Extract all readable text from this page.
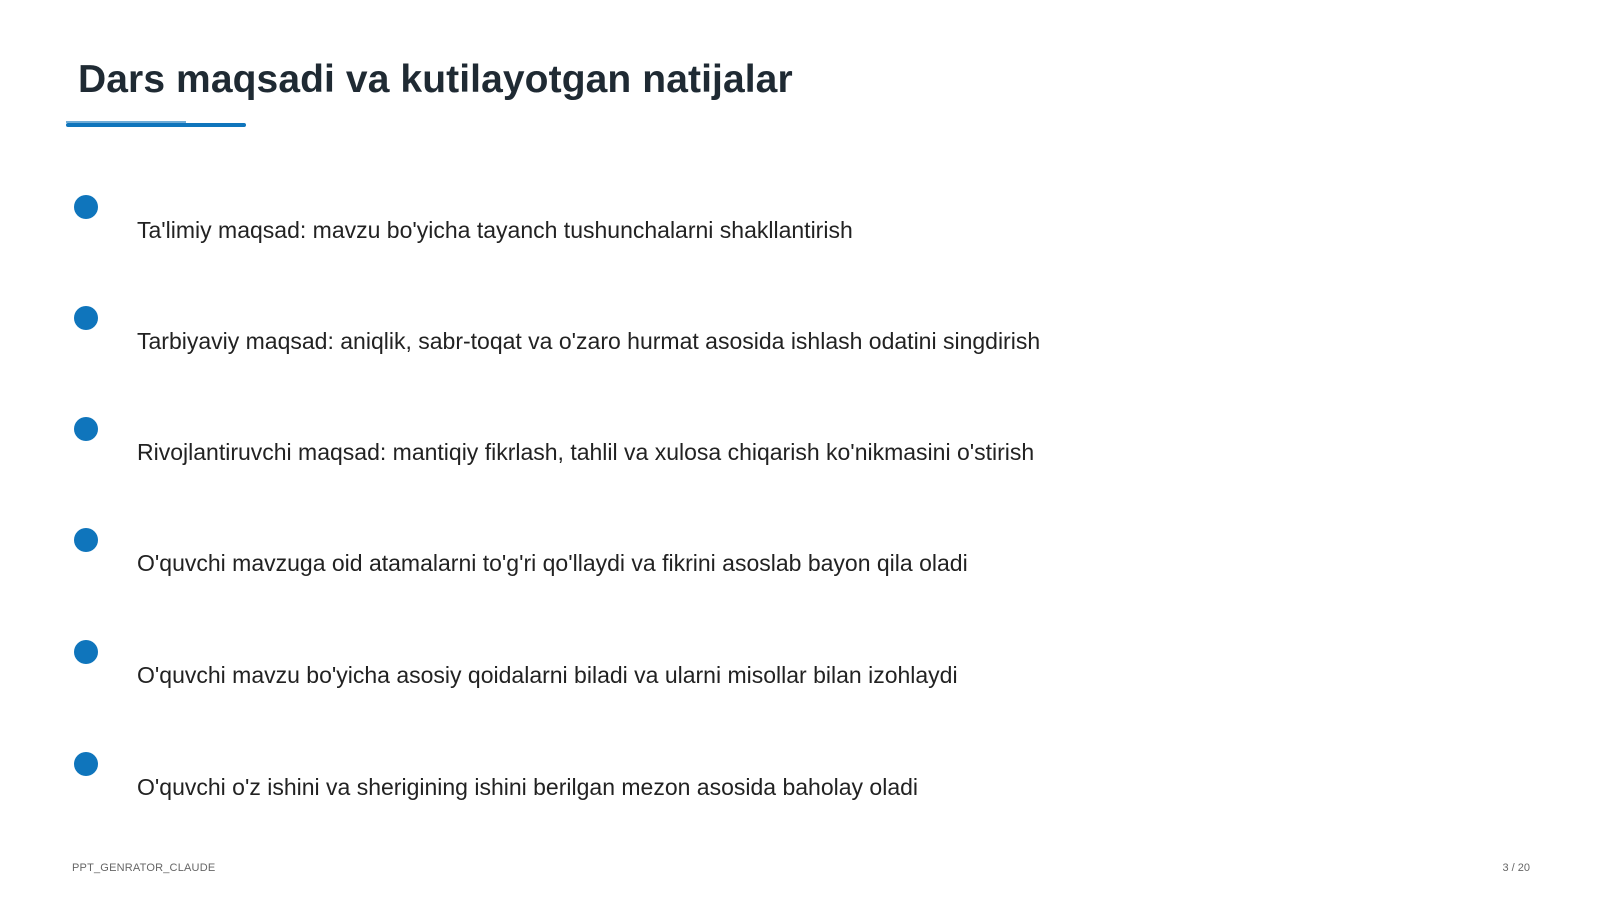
Dars maqsadi va kutilayotgan natijalar
Ta'limiy maqsad: mavzu bo'yicha tayanch tushunchalarni shakllantirish
Tarbiyaviy maqsad: aniqlik, sabr-toqat va o'zaro hurmat asosida ishlash odatini singdirish
Rivojlantiruvchi maqsad: mantiqiy fikrlash, tahlil va xulosa chiqarish ko'nikmasini o'stirish
O'quvchi mavzuga oid atamalarni to'g'ri qo'llaydi va fikrini asoslab bayon qila oladi
O'quvchi mavzu bo'yicha asosiy qoidalarni biladi va ularni misollar bilan izohlaydi
O'quvchi o'z ishini va sherigining ishini berilgan mezon asosida baholay oladi
PPT_GENRATOR_CLAUDE	3 / 20
